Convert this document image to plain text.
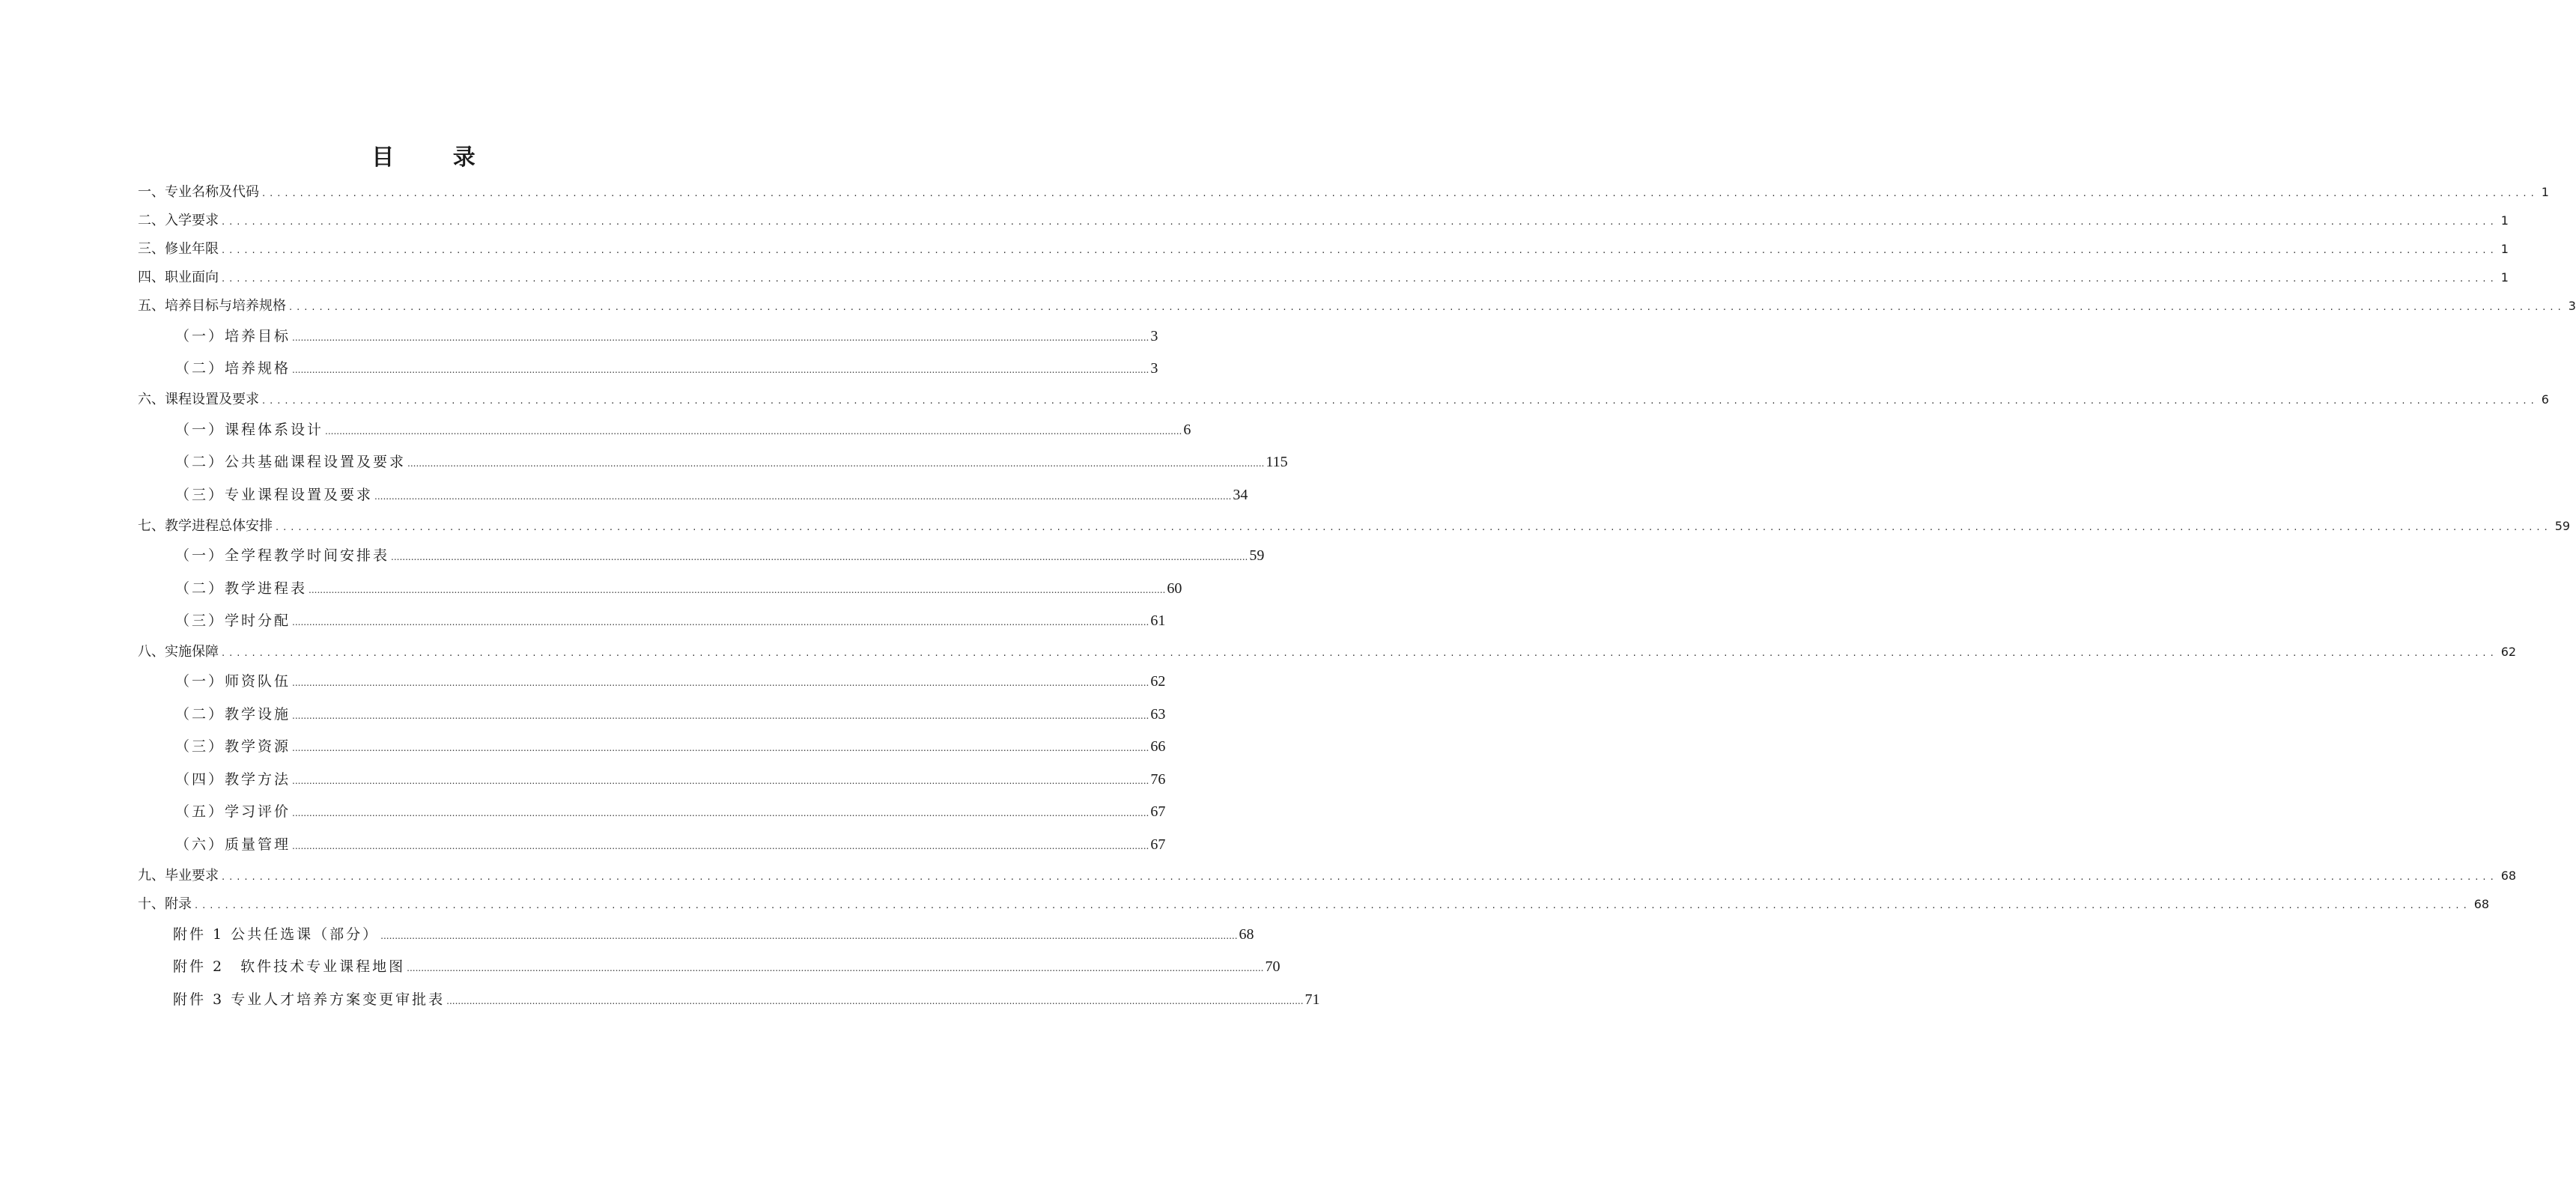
目 录
一、专业名称及代码 ............................................................................................................................................................................................................................................................................................................ 1
二、入学要求 ............................................................................................................................................................................................................................................................................................................ 1
三、修业年限 ............................................................................................................................................................................................................................................................................................................ 1
四、职业面向 ............................................................................................................................................................................................................................................................................................................ 1
五、培养目标与培养规格 ............................................................................................................................................................................................................................................................................................................ 3
（一）培养目标 ............................................................................................................................................................................................................................................................................................................ 3
（二）培养规格 ............................................................................................................................................................................................................................................................................................................ 3
六、课程设置及要求 ............................................................................................................................................................................................................................................................................................................ 6
（一）课程体系设计 ............................................................................................................................................................................................................................................................................................................ 6
（二）公共基础课程设置及要求 ............................................................................................................................................................................................................................................................................................................ 115
（三）专业课程设置及要求 ............................................................................................................................................................................................................................................................................................................ 34
七、教学进程总体安排 ............................................................................................................................................................................................................................................................................................................ 59
（一）全学程教学时间安排表 ............................................................................................................................................................................................................................................................................................................ 59
（二）教学进程表 ............................................................................................................................................................................................................................................................................................................ 60
（三）学时分配 ............................................................................................................................................................................................................................................................................................................ 61
八、实施保障 ............................................................................................................................................................................................................................................................................................................ 62
（一）师资队伍 ............................................................................................................................................................................................................................................................................................................ 62
（二）教学设施 ............................................................................................................................................................................................................................................................................................................ 63
（三）教学资源 ............................................................................................................................................................................................................................................................................................................ 66
（四）教学方法 ............................................................................................................................................................................................................................................................................................................ 76
（五）学习评价 ............................................................................................................................................................................................................................................................................................................ 67
（六）质量管理 ............................................................................................................................................................................................................................................................................................................ 67
九、毕业要求 ............................................................................................................................................................................................................................................................................................................ 68
十、附录 ............................................................................................................................................................................................................................................................................................................ 68
附件 1 公共任选课（部分） ............................................................................................................................................................................................................................................................................................................ 68
附件 2　软件技术专业课程地图 ............................................................................................................................................................................................................................................................................................................ 70
附件 3 专业人才培养方案变更审批表 ............................................................................................................................................................................................................................................................................................................ 71
